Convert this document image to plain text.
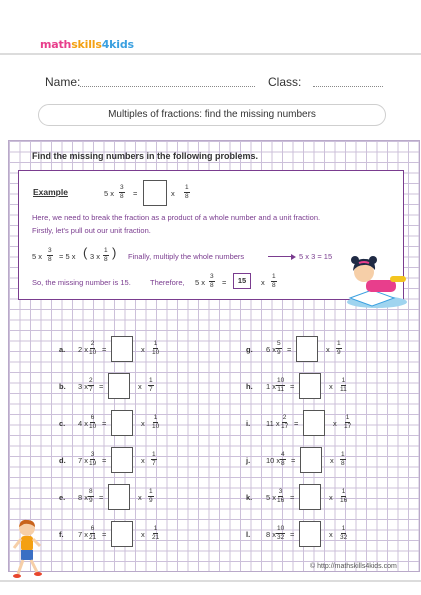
mathskills4kids
Name:	Class:
Multiples of fractions: find the missing numbers
Find the missing numbers in the following problems.
Example	5 x $\frac{3}{8}$ =	x $\frac{1}{8}$
Here, we need to break the fraction as a product of a whole number and a unit fraction.
Firstly, let's pull out our unit fraction.
5 x $\frac{3}{8} = 5$ x ( 3 x $\frac{1}{8}$ ) Finally, multiply the whole numbers	5 x 3 = 15
So, the missing number is 15.	Therefore, 5 x $\frac{3}{8}$ =	15	x $\frac{1}{8}$
a. 2 x $\frac{2}{10}$ =	x $\frac{1}{10}$
b. 3 x $\frac{2}{7}$ =	x $\frac{1}{7}$
c. 4 x $\frac{6}{10}$ =	x $\frac{1}{10}$
d. 7 x $\frac{3}{19}$ =	x $\frac{1}{7}$
e. 8 x $\frac{8}{9}$ =	x $\frac{1}{9}$
f. 7 x $\frac{6}{21}$ =	x $\frac{1}{21}$
g. 6 x $\frac{5}{9}$ =	x $\frac{1}{9}$
h. 1 x $\frac{10}{11}$ =	x $\frac{1}{11}$
i. 11 x $\frac{2}{17}$ =	x $\frac{1}{17}$
j. 10 x $\frac{4}{8}$ =	x $\frac{1}{8}$
k. 5 x $\frac{3}{16}$ =	x $\frac{1}{16}$
l. 8 x $\frac{10}{32}$ =	x $\frac{1}{32}$
© http://mathskills4kids.com
